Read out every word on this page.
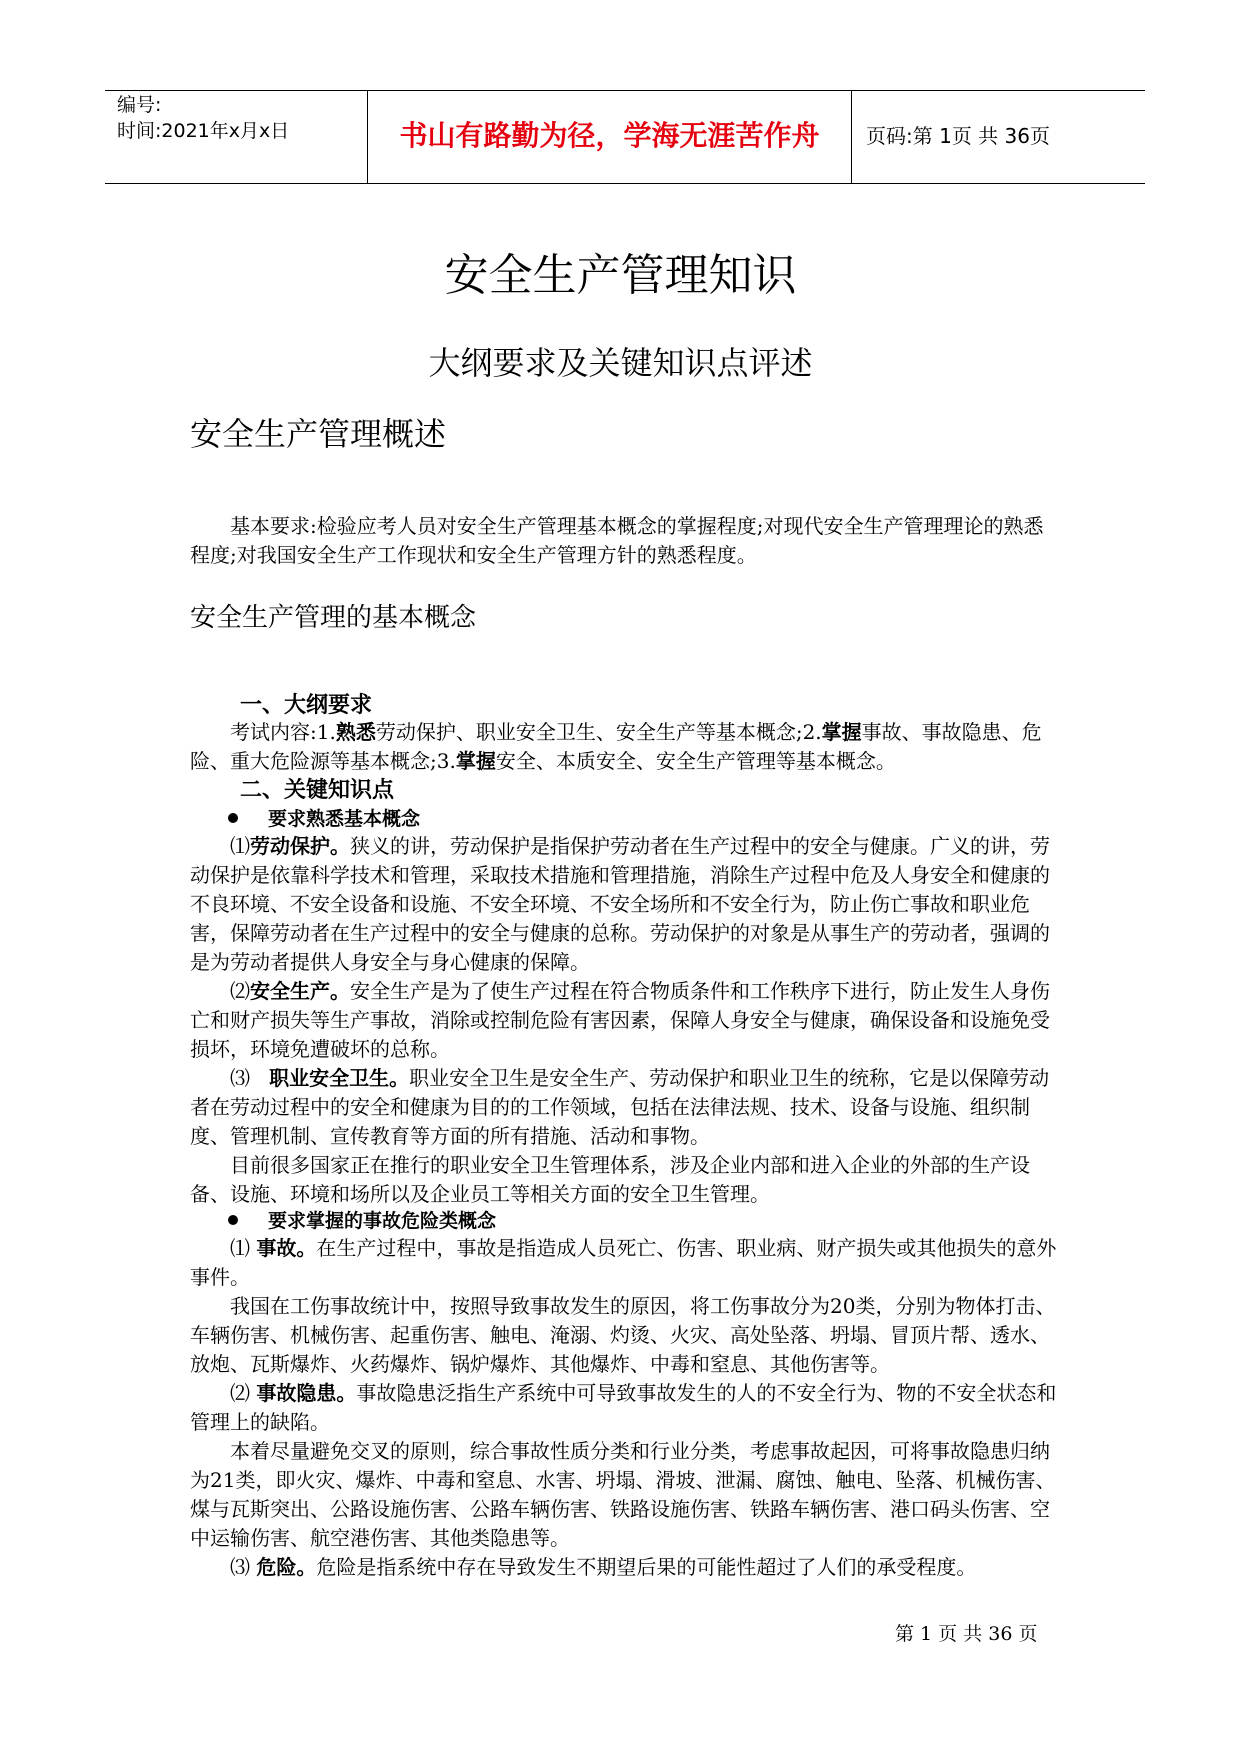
编号:
时间:2021年x月x日	书山有路勤为径，学海无涯苦作舟	页码:第 1页 共 36页
安全生产管理知识
大纲要求及关键知识点评述
安全生产管理概述

基本要求:检验应考人员对安全生产管理基本概念的掌握程度;对现代安全生产管理理论的熟悉程度;对我国安全生产工作现状和安全生产管理方针的熟悉程度。

安全生产管理的基本概念
一、大纲要求

考试内容:1.熟悉劳动保护、职业安全卫生、安全生产等基本概念;2.掌握事故、事故隐患、危险、重大危险源等基本概念;3.掌握安全、本质安全、安全生产管理等基本概念。

二、关键知识点
要求熟悉基本概念

⑴劳动保护。狭义的讲，劳动保护是指保护劳动者在生产过程中的安全与健康。广义的讲，劳动保护是依靠科学技术和管理，采取技术措施和管理措施，消除生产过程中危及人身安全和健康的不良环境、不安全设备和设施、不安全环境、不安全场所和不安全行为，防止伤亡事故和职业危害，保障劳动者在生产过程中的安全与健康的总称。劳动保护的对象是从事生产的劳动者，强调的是为劳动者提供人身安全与身心健康的保障。

⑵安全生产。安全生产是为了使生产过程在符合物质条件和工作秩序下进行，防止发生人身伤亡和财产损失等生产事故，消除或控制危险有害因素，保障人身安全与健康，确保设备和设施免受损坏，环境免遭破坏的总称。

⑶ 职业安全卫生。职业安全卫生是安全生产、劳动保护和职业卫生的统称，它是以保障劳动者在劳动过程中的安全和健康为目的的工作领域，包括在法律法规、技术、设备与设施、组织制度、管理机制、宣传教育等方面的所有措施、活动和事物。

目前很多国家正在推行的职业安全卫生管理体系，涉及企业内部和进入企业的外部的生产设备、设施、环境和场所以及企业员工等相关方面的安全卫生管理。

要求掌握的事故危险类概念

⑴ 事故。在生产过程中，事故是指造成人员死亡、伤害、职业病、财产损失或其他损失的意外事件。

我国在工伤事故统计中，按照导致事故发生的原因，将工伤事故分为20类，分别为物体打击、车辆伤害、机械伤害、起重伤害、触电、淹溺、灼烫、火灾、高处坠落、坍塌、冒顶片帮、透水、放炮、瓦斯爆炸、火药爆炸、锅炉爆炸、其他爆炸、中毒和窒息、其他伤害等。

⑵ 事故隐患。事故隐患泛指生产系统中可导致事故发生的人的不安全行为、物的不安全状态和管理上的缺陷。

本着尽量避免交叉的原则，综合事故性质分类和行业分类，考虑事故起因，可将事故隐患归纳为21类，即火灾、爆炸、中毒和窒息、水害、坍塌、滑坡、泄漏、腐蚀、触电、坠落、机械伤害、煤与瓦斯突出、公路设施伤害、公路车辆伤害、铁路设施伤害、铁路车辆伤害、港口码头伤害、空中运输伤害、航空港伤害、其他类隐患等。

⑶ 危险。危险是指系统中存在导致发生不期望后果的可能性超过了人们的承受程度。

第 1 页 共 36 页
